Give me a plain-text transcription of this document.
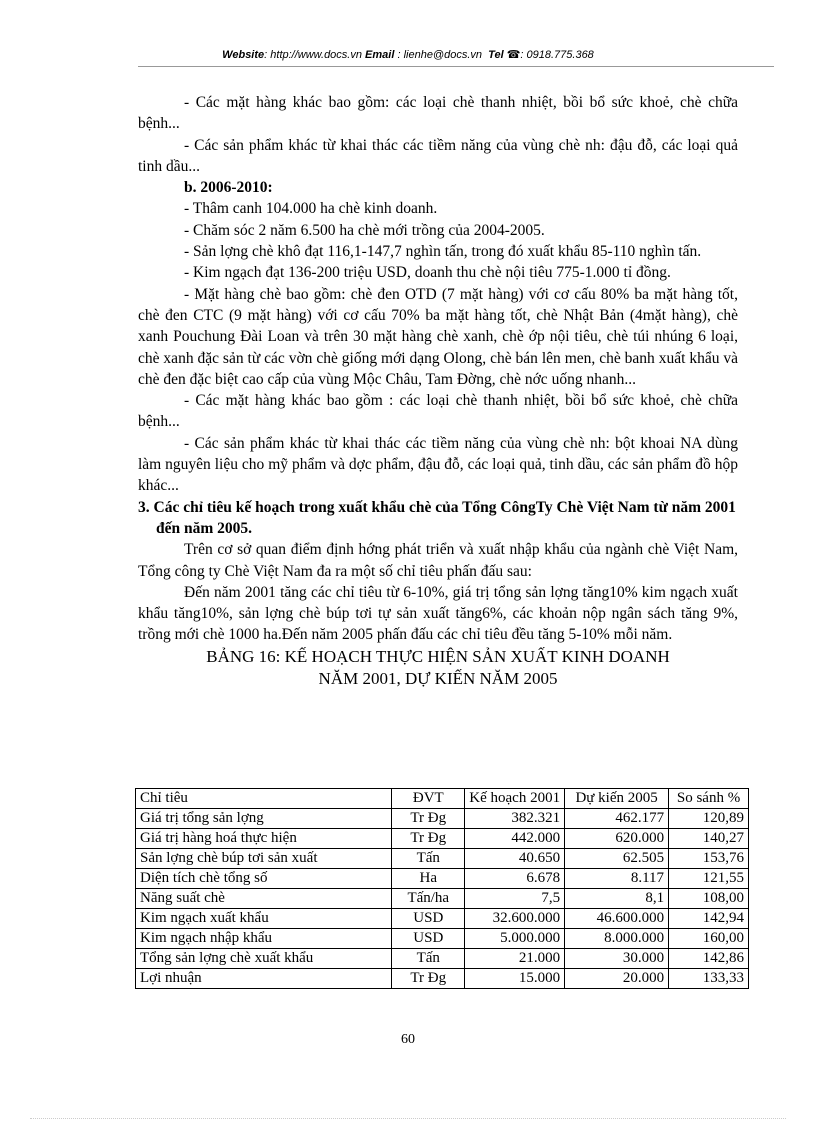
Website: http://www.docs.vn Email : lienhe@docs.vn Tel ☎: 0918.775.368

- Các mặt hàng khác bao gồm: các loại chè thanh nhiệt, bồi bổ sức khoẻ, chè chữa bệnh...

- Các sản phẩm khác từ khai thác các tiềm năng của vùng chè nh: đậu đỗ, các loại quả tinh dầu...

b. 2006-2010:

- Thâm canh 104.000 ha chè kinh doanh.

- Chăm sóc 2 năm 6.500 ha chè mới trồng của 2004-2005.

- Sản lợng chè khô đạt 116,1-147,7 nghìn tấn, trong đó xuất khẩu 85-110 nghìn tấn.

- Kim ngạch đạt 136-200 triệu USD, doanh thu chè nội tiêu 775-1.000 tỉ đồng.

- Mặt hàng chè bao gồm: chè đen OTD (7 mặt hàng) với cơ cấu 80% ba mặt hàng tốt, chè đen CTC (9 mặt hàng) với cơ cấu 70% ba mặt hàng tốt, chè Nhật Bản (4mặt hàng), chè xanh Pouchung Đài Loan và trên 30 mặt hàng chè xanh, chè ớp nội tiêu, chè túi nhúng 6 loại, chè xanh đặc sản từ các vờn chè giống mới dạng Olong, chè bán lên men, chè banh xuất khẩu và chè đen đặc biệt cao cấp của vùng Mộc Châu, Tam Đờng, chè nớc uống nhanh...

- Các mặt hàng khác bao gồm : các loại chè thanh nhiệt, bồi bổ sức khoẻ, chè chữa bệnh...

- Các sản phẩm khác từ khai thác các tiềm năng của vùng chè nh: bột khoai NA dùng làm nguyên liệu cho mỹ phẩm và dợc phẩm, đậu đỗ, các loại quả, tinh dầu, các sản phẩm đồ hộp khác...

3. Các chỉ tiêu kế hoạch trong xuất khẩu chè của Tổng CôngTy Chè Việt Nam từ năm 2001 đến năm 2005.

Trên cơ sở quan điểm định hớng phát triển và xuất nhập khẩu của ngành chè Việt Nam, Tổng công ty Chè Việt Nam đa ra một số chỉ tiêu phấn đấu sau:

Đến năm 2001 tăng các chỉ tiêu từ 6-10%, giá trị tổng sản lợng tăng10% kim ngạch xuất khẩu tăng10%, sản lợng chè búp tơi tự sản xuất tăng6%, các khoản nộp ngân sách tăng 9%, trồng mới chè 1000 ha.Đến năm 2005 phấn đấu các chỉ tiêu đều tăng 5-10% mỗi năm.

BẢNG 16: KẾ HOẠCH THỰC HIỆN SẢN XUẤT KINH DOANH

NĂM 2001, DỰ KIẾN NĂM 2005

Chỉ tiêu	ĐVT	Kế hoạch 2001	Dự kiến 2005	So sánh %
Giá trị tổng sản lợng	Tr Đg	382.321	462.177	120,89
Giá trị hàng hoá thực hiện	Tr Đg	442.000	620.000	140,27
Sản lợng chè búp tơi sản xuất	Tấn	40.650	62.505	153,76
Diện tích chè tổng số	Ha	6.678	8.117	121,55
Năng suất chè	Tấn/ha	7,5	8,1	108,00
Kim ngạch xuất khẩu	USD	32.600.000	46.600.000	142,94
Kim ngạch nhập khẩu	USD	5.000.000	8.000.000	160,00
Tổng sản lợng chè xuất khẩu	Tấn	21.000	30.000	142,86
Lợi nhuận	Tr Đg	15.000	20.000	133,33
60
